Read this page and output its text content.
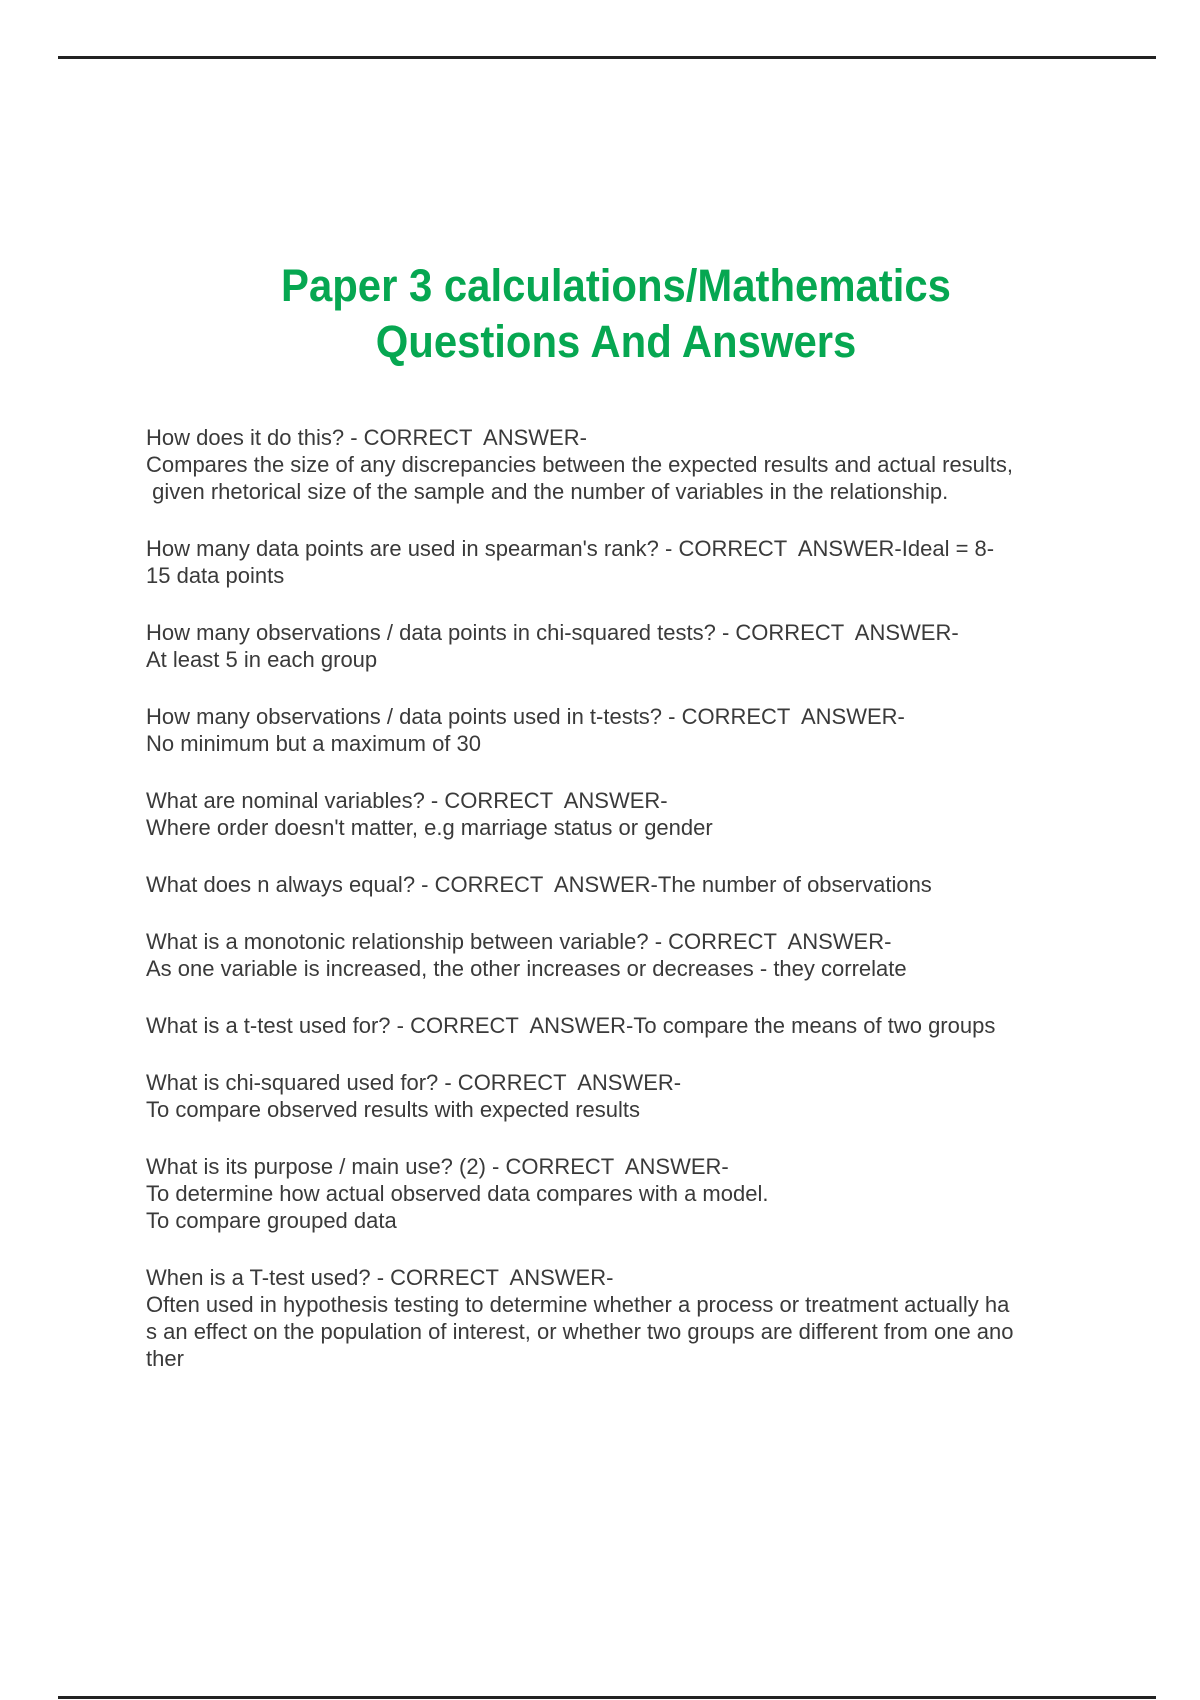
Paper 3 calculations/Mathematics
Questions And Answers
How does it do this? - CORRECT  ANSWER-
Compares the size of any discrepancies between the expected results and actual results,
given rhetorical size of the sample and the number of variables in the relationship.
How many data points are used in spearman's rank? - CORRECT  ANSWER-Ideal = 8-
15 data points
How many observations / data points in chi-squared tests? - CORRECT  ANSWER-
At least 5 in each group
How many observations / data points used in t-tests? - CORRECT  ANSWER-
No minimum but a maximum of 30
What are nominal variables? - CORRECT  ANSWER-
Where order doesn't matter, e.g marriage status or gender
What does n always equal? - CORRECT  ANSWER-The number of observations
What is a monotonic relationship between variable? - CORRECT  ANSWER-
As one variable is increased, the other increases or decreases - they correlate
What is a t-test used for? - CORRECT  ANSWER-To compare the means of two groups
What is chi-squared used for? - CORRECT  ANSWER-
To compare observed results with expected results
What is its purpose / main use? (2) - CORRECT  ANSWER-
To determine how actual observed data compares with a model.
To compare grouped data
When is a T-test used? - CORRECT  ANSWER-
Often used in hypothesis testing to determine whether a process or treatment actually ha
s an effect on the population of interest, or whether two groups are different from one ano
ther
